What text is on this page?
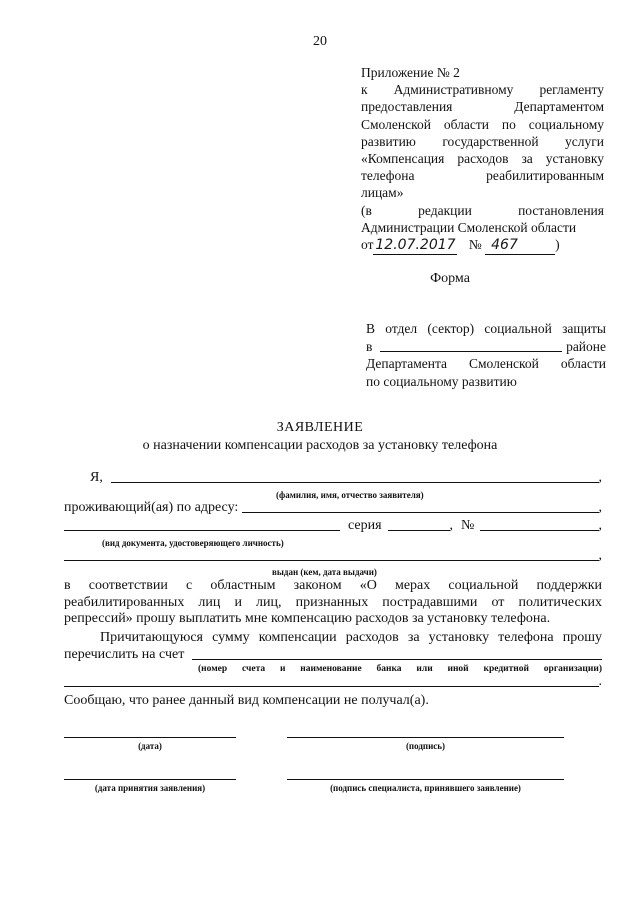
20
Приложение № 2
к Административному регламенту
предоставления Департаментом
Смоленской области по социальному
развитию государственной услуги
«Компенсация расходов за установку
телефона реабилитированным
лицам»
(в редакции постановления
Администрации Смоленской области
от 12.07.2017 № 467	)
Форма
В отдел (сектор) социальной защиты
в	районе
Департамента Смоленской области
по социальному развитию
ЗАЯВЛЕНИЕ
о назначении компенсации расходов за установку телефона
Я,	,
(фамилия, имя, отчество заявителя)
проживающий(ая) по адресу:	,
серия	, №	,
(вид документа, удостоверяющего личность)
,
выдан (кем, дата выдачи)
в соответствии с областным законом «О мерах социальной поддержки
реабилитированных лиц и лиц, признанных пострадавшими от политических
репрессий» прошу выплатить мне компенсацию расходов за установку телефона.
Причитающуюся сумму компенсации расходов за установку телефона прошу
перечислить на счет
(номер счета и наименование банка или иной кредитной организации)
.
Сообщаю, что ранее данный вид компенсации не получал(а).
(дата)	(подпись)
(дата принятия заявления)	(подпись специалиста, принявшего заявление)
